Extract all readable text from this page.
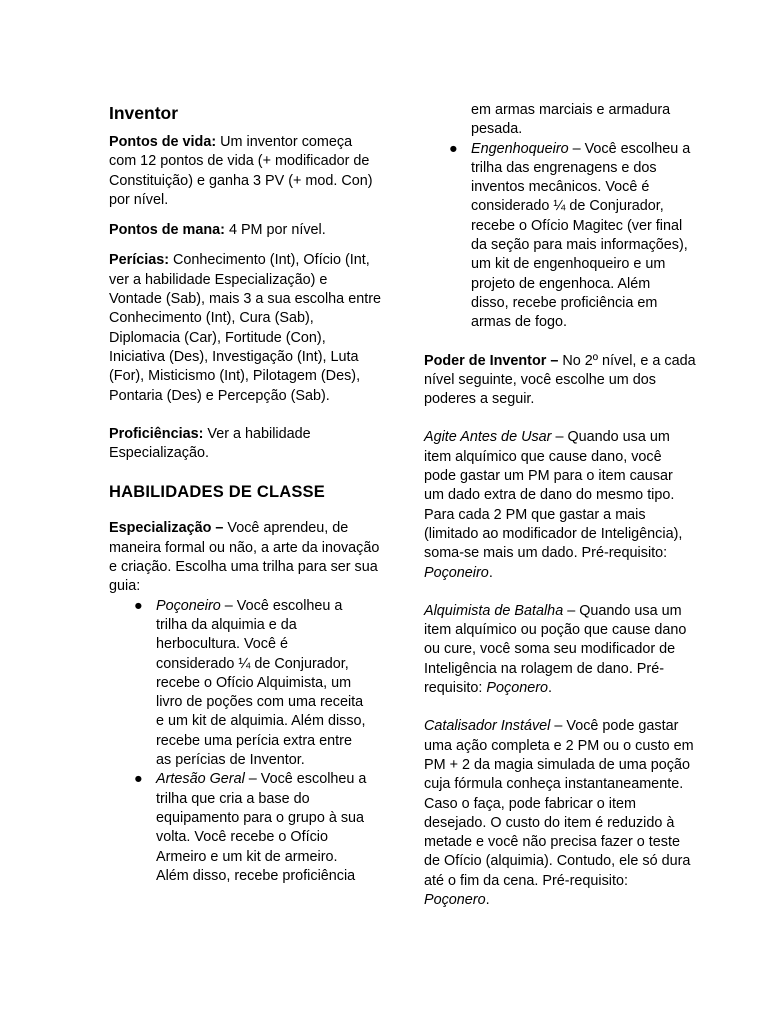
Inventor

Pontos de vida: Um inventor começa com 12 pontos de vida (+ modificador de Constituição) e ganha 3 PV (+ mod. Con) por nível.

Pontos de mana: 4 PM por nível.

Perícias: Conhecimento (Int), Ofício (Int, ver a habilidade Especialização) e Vontade (Sab), mais 3 a sua escolha entre Conhecimento (Int), Cura (Sab), Diplomacia (Car), Fortitude (Con), Iniciativa (Des), Investigação (Int), Luta (For), Misticismo (Int), Pilotagem (Des), Pontaria (Des) e Percepção (Sab).

Proficiências: Ver a habilidade Especialização.

HABILIDADES DE CLASSE

Especialização – Você aprendeu, de maneira formal ou não, a arte da inovação e criação. Escolha uma trilha para ser sua guia:

● Poçoneiro – Você escolheu a trilha da alquimia e da herbocultura. Você é considerado ¼ de Conjurador, recebe o Ofício Alquimista, um livro de poções com uma receita e um kit de alquimia. Além disso, recebe uma perícia extra entre as perícias de Inventor.
● Artesão Geral – Você escolheu a trilha que cria a base do equipamento para o grupo à sua volta. Você recebe o Ofício Armeiro e um kit de armeiro. Além disso, recebe proficiência
em armas marciais e armadura pesada.
● Engenhoqueiro – Você escolheu a trilha das engrenagens e dos inventos mecânicos. Você é considerado ¼ de Conjurador, recebe o Ofício Magitec (ver final da seção para mais informações), um kit de engenhoqueiro e um projeto de engenhoca. Além disso, recebe proficiência em armas de fogo.

Poder de Inventor – No 2º nível, e a cada nível seguinte, você escolhe um dos poderes a seguir.

Agite Antes de Usar – Quando usa um item alquímico que cause dano, você pode gastar um PM para o item causar um dado extra de dano do mesmo tipo. Para cada 2 PM que gastar a mais (limitado ao modificador de Inteligência), soma-se mais um dado. Pré-requisito: Poçoneiro.

Alquimista de Batalha – Quando usa um item alquímico ou poção que cause dano ou cure, você soma seu modificador de Inteligência na rolagem de dano. Pré-requisito: Poçonero.

Catalisador Instável – Você pode gastar uma ação completa e 2 PM ou o custo em PM + 2 da magia simulada de uma poção cuja fórmula conheça instantaneamente. Caso o faça, pode fabricar o item desejado. O custo do item é reduzido à metade e você não precisa fazer o teste de Ofício (alquimia). Contudo, ele só dura até o fim da cena. Pré-requisito: Poçonero.
